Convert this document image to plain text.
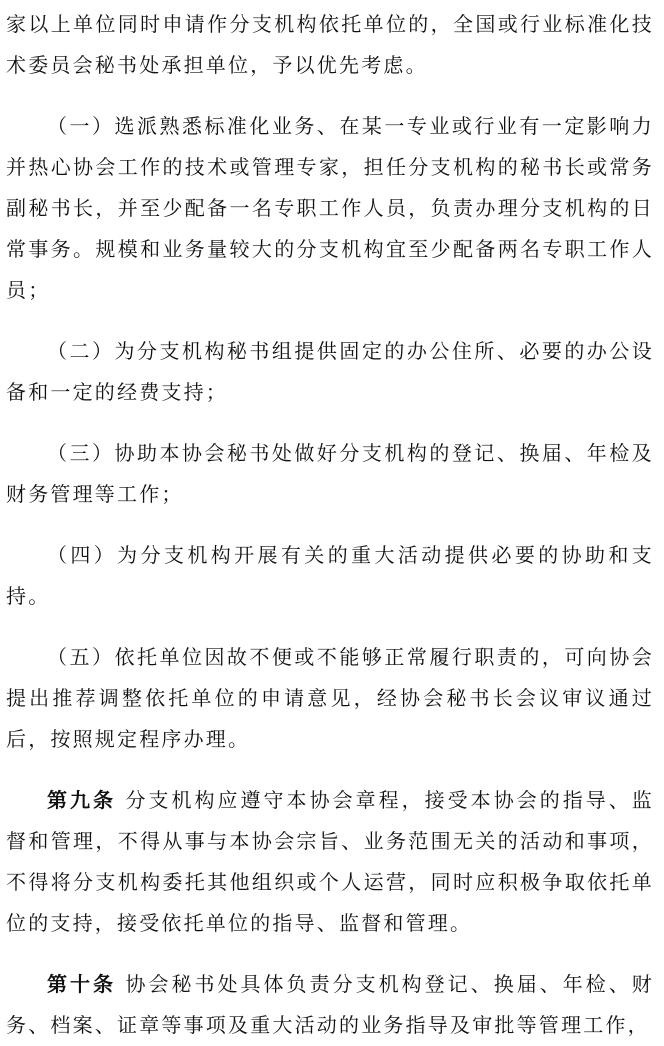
家以上单位同时申请作分支机构依托单位的，全国或行业标准化技术委员会秘书处承担单位，予以优先考虑。

（一）选派熟悉标准化业务、在某一专业或行业有一定影响力并热心协会工作的技术或管理专家，担任分支机构的秘书长或常务副秘书长，并至少配备一名专职工作人员，负责办理分支机构的日常事务。规模和业务量较大的分支机构宜至少配备两名专职工作人员；

（二）为分支机构秘书组提供固定的办公住所、必要的办公设备和一定的经费支持；

（三）协助本协会秘书处做好分支机构的登记、换届、年检及财务管理等工作；

（四）为分支机构开展有关的重大活动提供必要的协助和支持。

（五）依托单位因故不便或不能够正常履行职责的，可向协会提出推荐调整依托单位的申请意见，经协会秘书长会议审议通过后，按照规定程序办理。

第九条 分支机构应遵守本协会章程，接受本协会的指导、监督和管理，不得从事与本协会宗旨、业务范围无关的活动和事项，不得将分支机构委托其他组织或个人运营，同时应积极争取依托单位的支持，接受依托单位的指导、监督和管理。

第十条 协会秘书处具体负责分支机构登记、换届、年检、财务、档案、证章等事项及重大活动的业务指导及审批等管理工作，
